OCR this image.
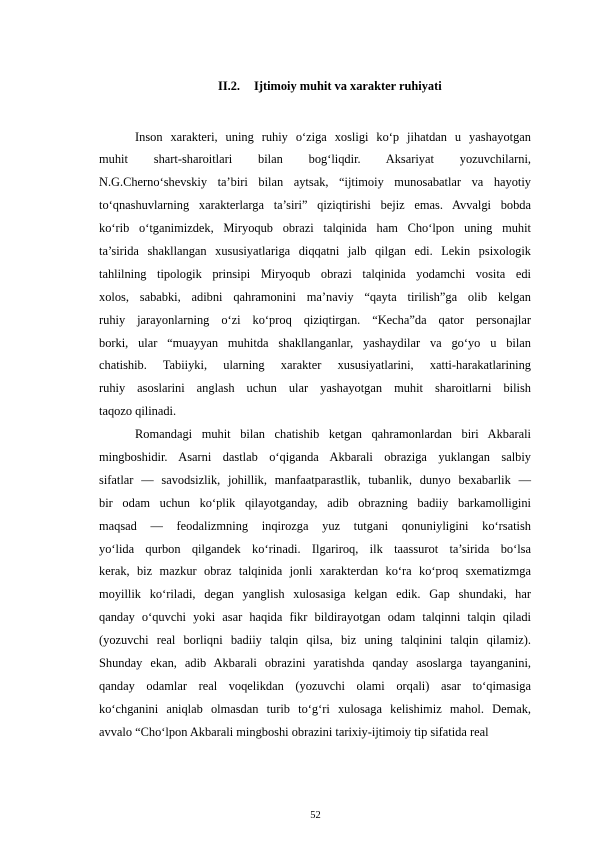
II.2. Ijtimoiy muhit va xarakter ruhiyati
Inson xarakteri, uning ruhiy o‘ziga xosligi ko‘p jihatdan u yashayotgan
muhit shart-sharoitlari bilan bog‘liqdir. Aksariyat yozuvchilarni,
N.G.Cherno‘shevskiy ta’biri bilan aytsak, “ijtimoiy munosabatlar va hayotiy
to‘qnashuvlarning xarakterlarga ta’siri” qiziqtirishi bejiz emas. Avvalgi bobda
ko‘rib o‘tganimizdek, Miryoqub obrazi talqinida ham Cho‘lpon uning muhit
ta’sirida shakllangan xususiyatlariga diqqatni jalb qilgan edi. Lekin psixologik
tahlilning tipologik prinsipi Miryoqub obrazi talqinida yodamchi vosita edi
xolos, sababki, adibni qahramonini ma’naviy “qayta tirilish”ga olib kelgan
ruhiy jarayonlarning o‘zi ko‘proq qiziqtirgan. “Kecha”da qator personajlar
borki, ular “muayyan muhitda shakllanganlar, yashaydilar va go‘yo u bilan
chatishib. Tabiiyki, ularning xarakter xususiyatlarini, xatti-harakatlarining
ruhiy asoslarini anglash uchun ular yashayotgan muhit sharoitlarni bilish
taqozo qilinadi.
Romandagi muhit bilan chatishib ketgan qahramonlardan biri Akbarali
mingboshidir. Asarni dastlab o‘qiganda Akbarali obraziga yuklangan salbiy
sifatlar — savodsizlik, johillik, manfaatparastlik, tubanlik, dunyo bexabarlik —
bir odam uchun ko‘plik qilayotganday, adib obrazning badiiy barkamolligini
maqsad — feodalizmning inqirozga yuz tutgani qonuniyligini ko‘rsatish
yo‘lida qurbon qilgandek ko‘rinadi. Ilgariroq, ilk taassurot ta’sirida bo‘lsa
kerak, biz mazkur obraz talqinida jonli xarakterdan ko‘ra ko‘proq sxematizmga
moyillik ko‘riladi, degan yanglish xulosasiga kelgan edik. Gap shundaki, har
qanday o‘quvchi yoki asar haqida fikr bildirayotgan odam talqinni talqin qiladi
(yozuvchi real borliqni badiiy talqin qilsa, biz uning talqinini talqin qilamiz).
Shunday ekan, adib Akbarali obrazini yaratishda qanday asoslarga tayanganini,
qanday odamlar real voqelikdan (yozuvchi olami orqali) asar to‘qimasiga
ko‘chganini aniqlab olmasdan turib to‘g‘ri xulosaga kelishimiz mahol. Demak,
avvalo “Cho‘lpon Akbarali mingboshi obrazini tarixiy-ijtimoiy tip sifatida real
52
